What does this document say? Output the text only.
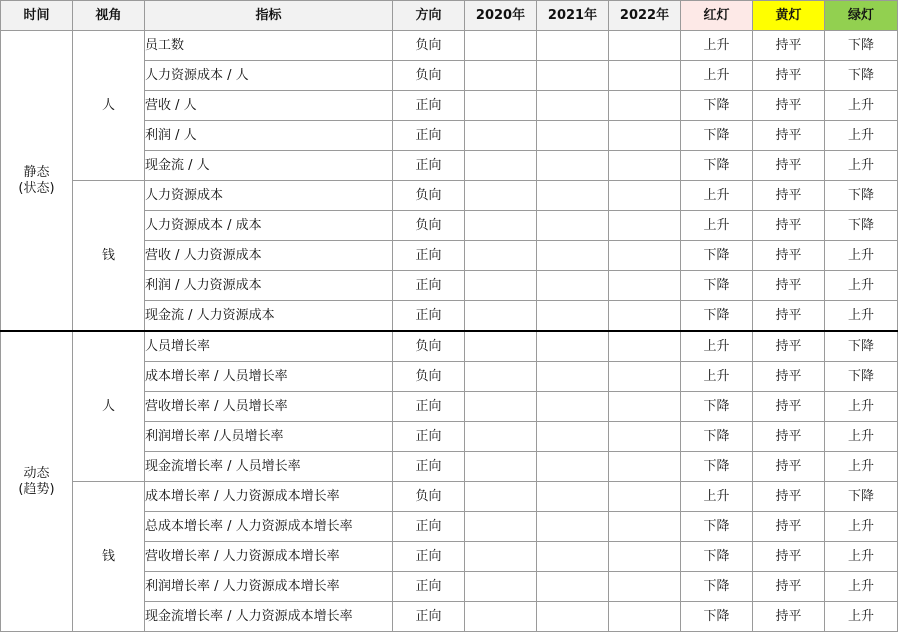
时间	视角	指标	方向	2020年	2021年	2022年	红灯	黄灯	绿灯

静态
(状态)	人	员工数	负向				上升	持平	下降
		人力资源成本 / 人	负向				上升	持平	下降
		营收 / 人	正向				下降	持平	上升
		利润 / 人	正向				下降	持平	上升
		现金流 / 人	正向				下降	持平	上升
	钱	人力资源成本	负向				上升	持平	下降
		人力资源成本 / 成本	负向				上升	持平	下降
		营收 / 人力资源成本	正向				下降	持平	上升
		利润 / 人力资源成本	正向				下降	持平	上升
		现金流 / 人力资源成本	正向				下降	持平	上升

动态
(趋势)	人	人员增长率	负向				上升	持平	下降
		成本增长率 / 人员增长率	负向				上升	持平	下降
		营收增长率 / 人员增长率	正向				下降	持平	上升
		利润增长率 /人员增长率	正向				下降	持平	上升
		现金流增长率 / 人员增长率	正向				下降	持平	上升
	钱	成本增长率 / 人力资源成本增长率	负向				上升	持平	下降
		总成本增长率 / 人力资源成本增长率	正向				下降	持平	上升
		营收增长率 / 人力资源成本增长率	正向				下降	持平	上升
		利润增长率 / 人力资源成本增长率	正向				下降	持平	上升
		现金流增长率 / 人力资源成本增长率	正向				下降	持平	上升
